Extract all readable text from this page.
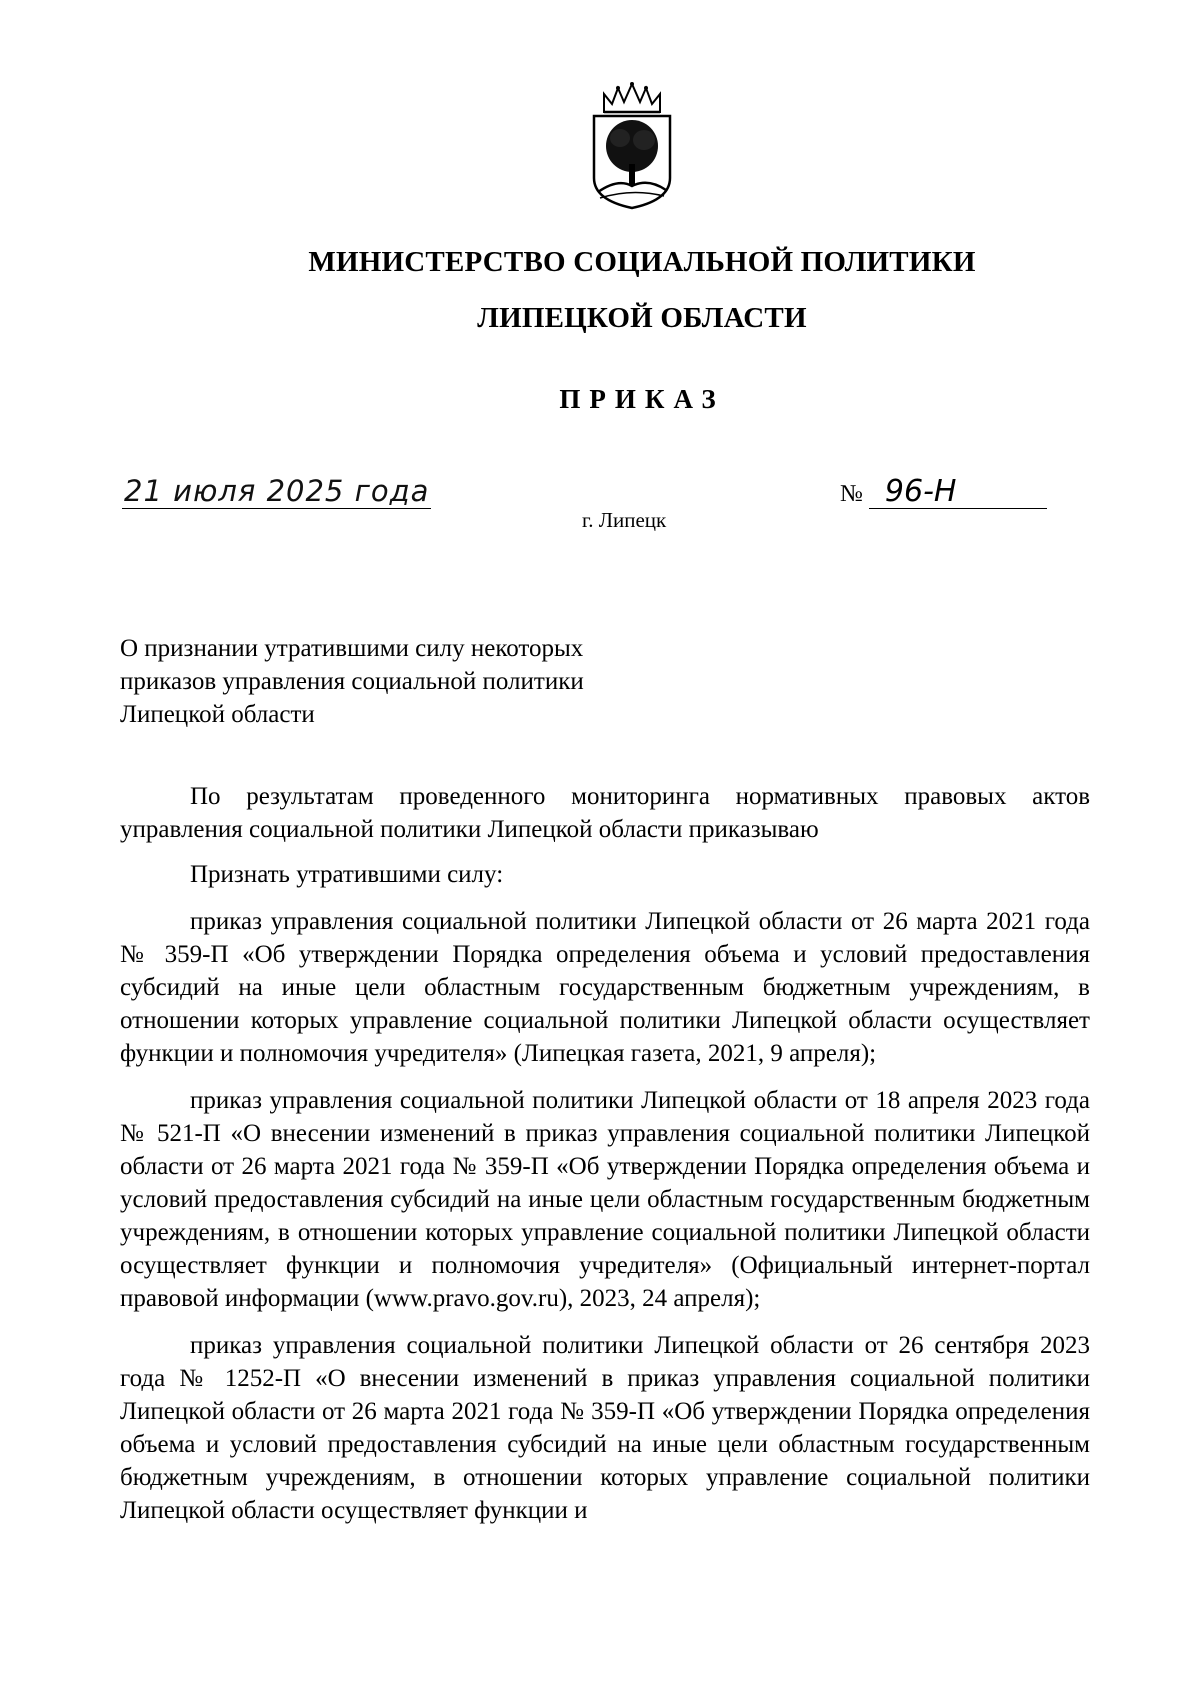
МИНИСТЕРСТВО СОЦИАЛЬНОЙ ПОЛИТИКИ
ЛИПЕЦКОЙ ОБЛАСТИ
ПРИКАЗ
21 июля 2025 года
г. Липецк
№ 96-Н
О признании утратившими силу некоторых
приказов управления социальной политики
Липецкой области

По результатам проведенного мониторинга нормативных правовых актов управления социальной политики Липецкой области приказываю

Признать утратившими силу:

приказ управления социальной политики Липецкой области от 26 марта 2021 года № 359-П «Об утверждении Порядка определения объема и условий предоставления субсидий на иные цели областным государственным бюджетным учреждениям, в отношении которых управление социальной политики Липецкой области осуществляет функции и полномочия учредителя» (Липецкая газета, 2021, 9 апреля);

приказ управления социальной политики Липецкой области от 18 апреля 2023 года № 521-П «О внесении изменений в приказ управления социальной политики Липецкой области от 26 марта 2021 года № 359-П «Об утверждении Порядка определения объема и условий предоставления субсидий на иные цели областным государственным бюджетным учреждениям, в отношении которых управление социальной политики Липецкой области осуществляет функции и полномочия учредителя» (Официальный интернет-портал правовой информации (www.pravo.gov.ru), 2023, 24 апреля);

приказ управления социальной политики Липецкой области от 26 сентября 2023 года № 1252-П «О внесении изменений в приказ управления социальной политики Липецкой области от 26 марта 2021 года № 359-П «Об утверждении Порядка определения объема и условий предоставления субсидий на иные цели областным государственным бюджетным учреждениям, в отношении которых управление социальной политики Липецкой области осуществляет функции и
